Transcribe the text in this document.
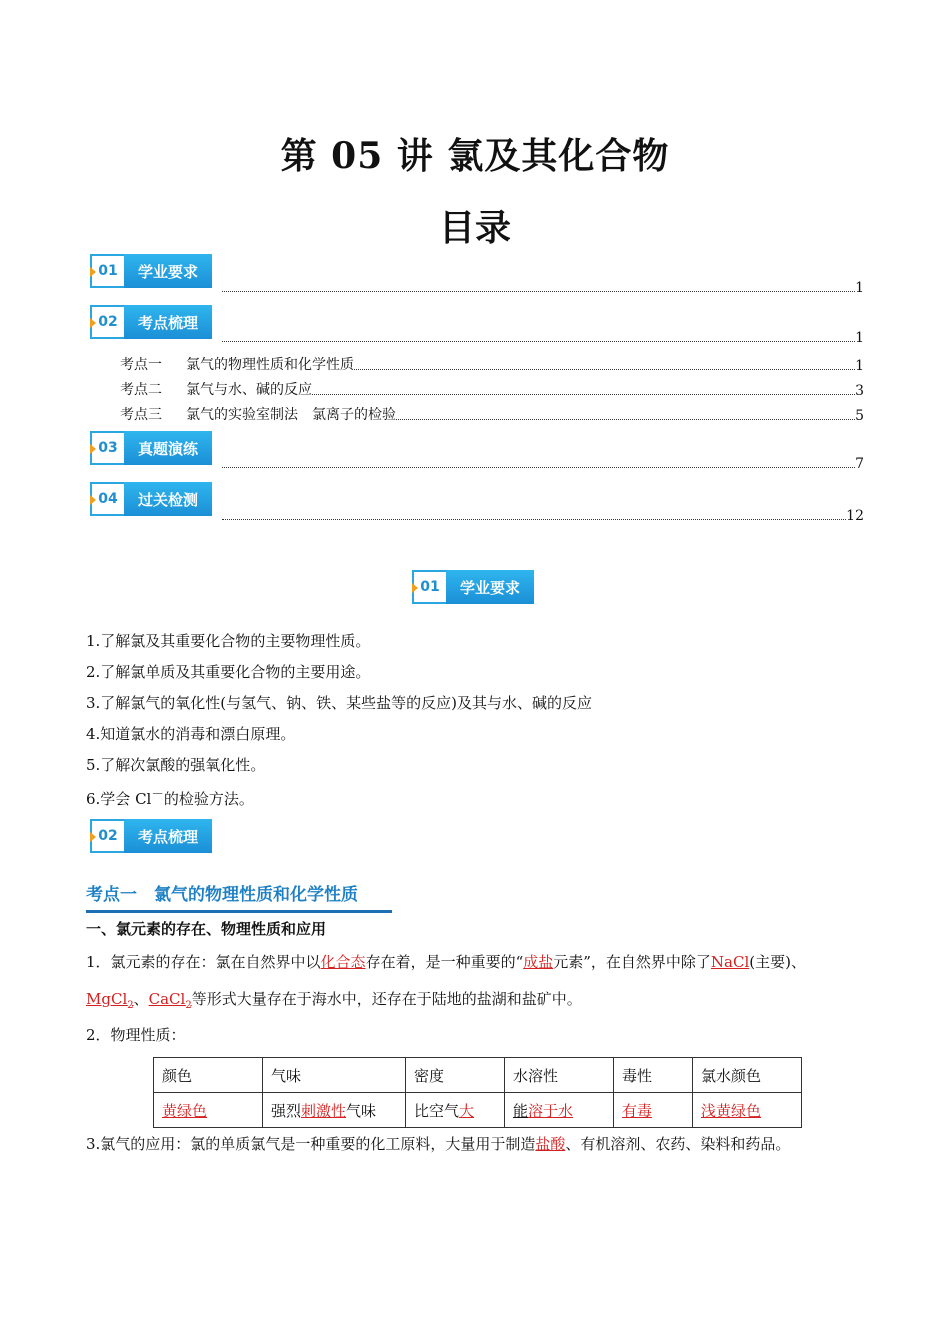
第 05 讲 氯及其化合物
目录
01	学业要求
1
02	考点梳理
1
考点一	氯气的物理性质和化学性质	1
考点二	氯气与水、碱的反应	3
考点三	氯气的实验室制法　氯离子的检验	5
03	真题演练
7
04	过关检测
12
01	学业要求
1.了解氯及其重要化合物的主要物理性质。
2.了解氯单质及其重要化合物的主要用途。
3.了解氯气的氧化性(与氢气、钠、铁、某些盐等的反应)及其与水、碱的反应
4.知道氯水的消毒和漂白原理。
5.了解次氯酸的强氧化性。
6.学会 Cl－的检验方法。
02	考点梳理
考点一　氯气的物理性质和化学性质
一、氯元素的存在、物理性质和应用
1．氯元素的存在：氯在自然界中以化合态存在着，是一种重要的“成盐元素”，在自然界中除了NaCl(主要)、MgCl$_2$、CaCl$_2$等形式大量存在于海水中，还存在于陆地的盐湖和盐矿中。
2．物理性质：
颜色	气味	密度	水溶性	毒性	氯水颜色
黄绿色	强烈刺激性气味	比空气大	能溶于水	有毒	浅黄绿色
3.氯气的应用：氯的单质氯气是一种重要的化工原料，大量用于制造盐酸、有机溶剂、农药、染料和药品。
